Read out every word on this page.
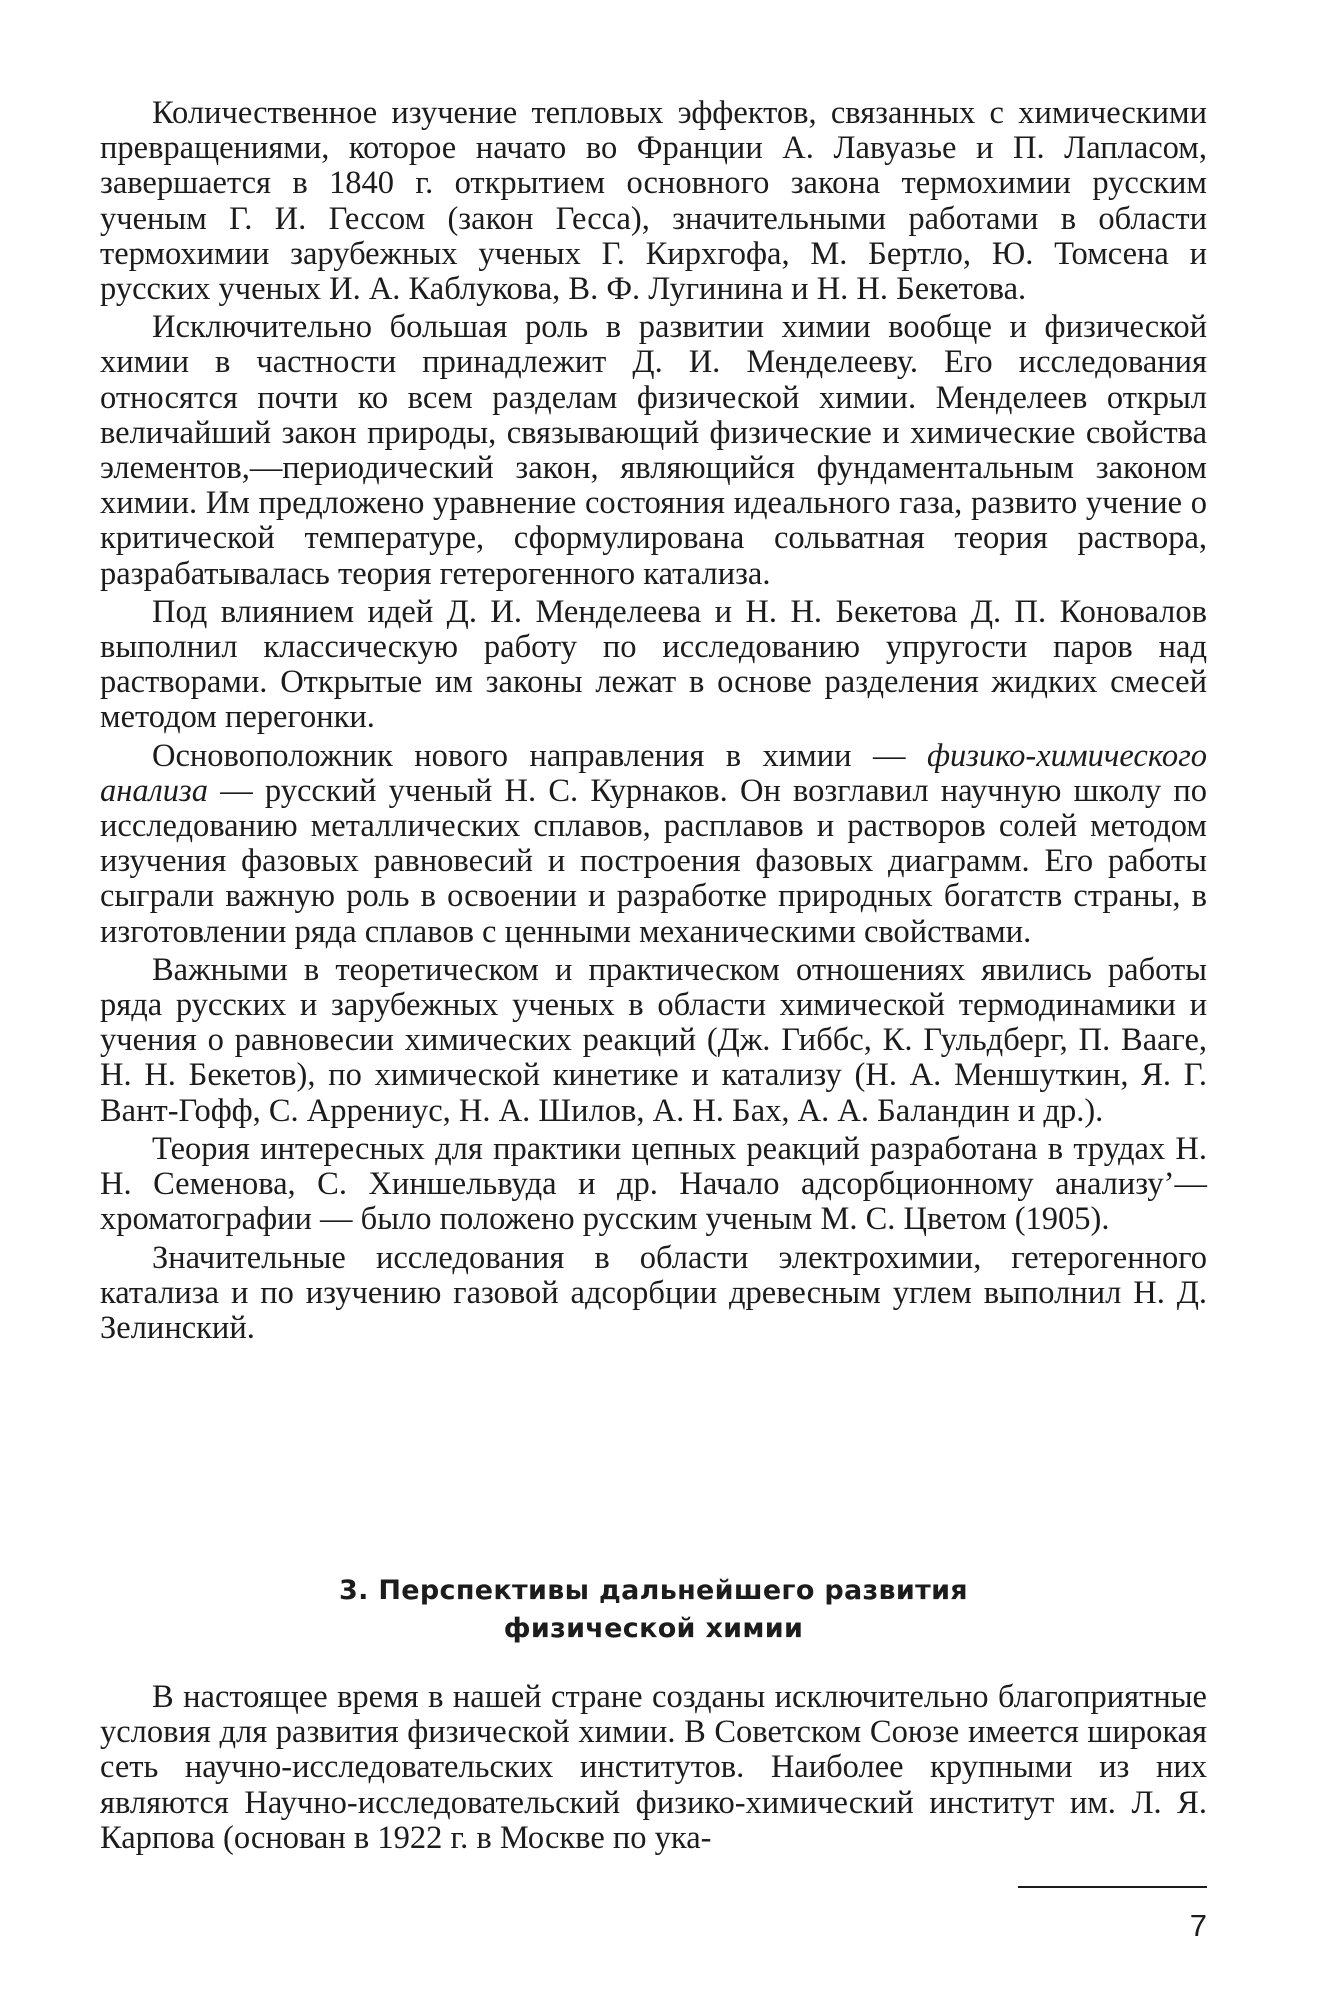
Количественное изучение тепловых эффектов, связанных с химическими превращениями, которое начато во Франции А. Лавуазье и П. Лапласом, завершается в 1840 г. открытием основного закона термохимии русским ученым Г. И. Гессом (закон Гесса), значительными работами в области термохимии зарубежных ученых Г. Кирхгофа, М. Бертло, Ю. Томсена и русских ученых И. А. Каблукова, В. Ф. Лугинина и Н. Н. Бекетова.

Исключительно большая роль в развитии химии вообще и физической химии в частности принадлежит Д. И. Менделееву. Его исследования относятся почти ко всем разделам физической химии. Менделеев открыл величайший закон природы, связывающий физические и химические свойства элементов,—периодический закон, являющийся фундаментальным законом химии. Им предложено уравнение состояния идеального газа, развито учение о критической температуре, сформулирована сольватная теория раствора, разрабатывалась теория гетерогенного катализа.

Под влиянием идей Д. И. Менделеева и Н. Н. Бекетова Д. П. Коновалов выполнил классическую работу по исследованию упругости паров над растворами. Открытые им законы лежат в основе разделения жидких смесей методом перегонки.

Основоположник нового направления в химии — физико-химического анализа — русский ученый Н. С. Курнаков. Он возглавил научную школу по исследованию металлических сплавов, расплавов и растворов солей методом изучения фазовых равновесий и построения фазовых диаграмм. Его работы сыграли важную роль в освоении и разработке природных богатств страны, в изготовлении ряда сплавов с ценными механическими свойствами.

Важными в теоретическом и практическом отношениях явились работы ряда русских и зарубежных ученых в области химической термодинамики и учения о равновесии химических реакций (Дж. Гиббс, К. Гульдберг, П. Вааге, Н. Н. Бекетов), по химической кинетике и катализу (Н. А. Меншуткин, Я. Г. Вант-Гофф, С. Аррениус, Н. А. Шилов, А. Н. Бах, А. А. Баландин и др.).

Теория интересных для практики цепных реакций разработана в трудах Н. Н. Семенова, С. Хиншельвуда и др. Начало адсорбционному анализу’— хроматографии — было положено русским ученым М. С. Цветом (1905).

Значительные исследования в области электрохимии, гетерогенного катализа и по изучению газовой адсорбции древесным углем выполнил Н. Д. Зелинский.

3. Перспективы дальнейшего развития
физической химии

В настоящее время в нашей стране созданы исключительно благоприятные условия для развития физической химии. В Советском Союзе имеется широкая сеть научно-исследовательских институтов. Наиболее крупными из них являются Научно-исследовательский физико-химический институт им. Л. Я. Карпова (основан в 1922 г. в Москве по ука-

7
